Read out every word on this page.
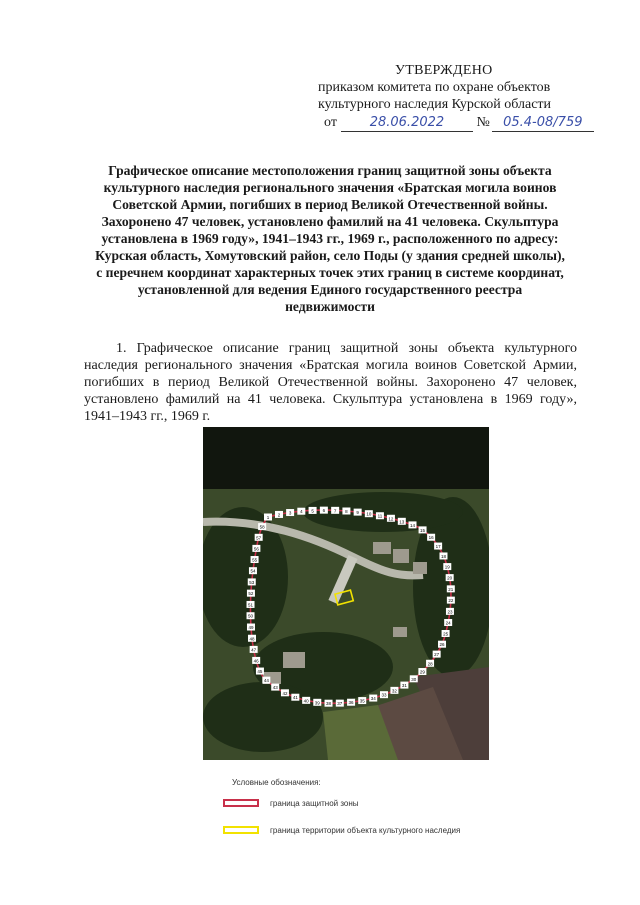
УТВЕРЖДЕНО
приказом комитета по охране объектов
культурного наследия Курской области
от	28.06.2022 № 05.4-08/759
Графическое описание местоположения границ защитной зоны объекта культурного наследия регионального значения «Братская могила воинов Советской Армии, погибших в период Великой Отечественной войны. Захоронено 47 человек, установлено фамилий на 41 человека. Скульптура установлена в 1969 году», 1941–1943 гг., 1969 г., расположенного по адресу: Курская область, Хомутовский район, село Поды (у здания средней школы), с перечнем координат характерных точек этих границ в системе координат, установленной для ведения Единого государственного реестра недвижимости
1. Графическое описание границ защитной зоны объекта культурного наследия регионального значения «Братская могила воинов Советской Армии, погибших в период Великой Отечественной войны. Захоронено 47 человек, установлено фамилий на 41 человека. Скульптура установлена в 1969 году», 1941–1943 гг., 1969 г.
1
2 3 4 5 6 7 8 9 10 11
12
13
14
15
16
17
18
19
20
21
22
23
24
25
26
27
28
29
30
31
32
33
34
35
36
37
38
39
40
41
42
43
44
45
46
47
48
49
50
51
52
53
54
55
56
57
58
Условные обозначения:
граница защитной зоны
граница территории объекта культурного наследия
